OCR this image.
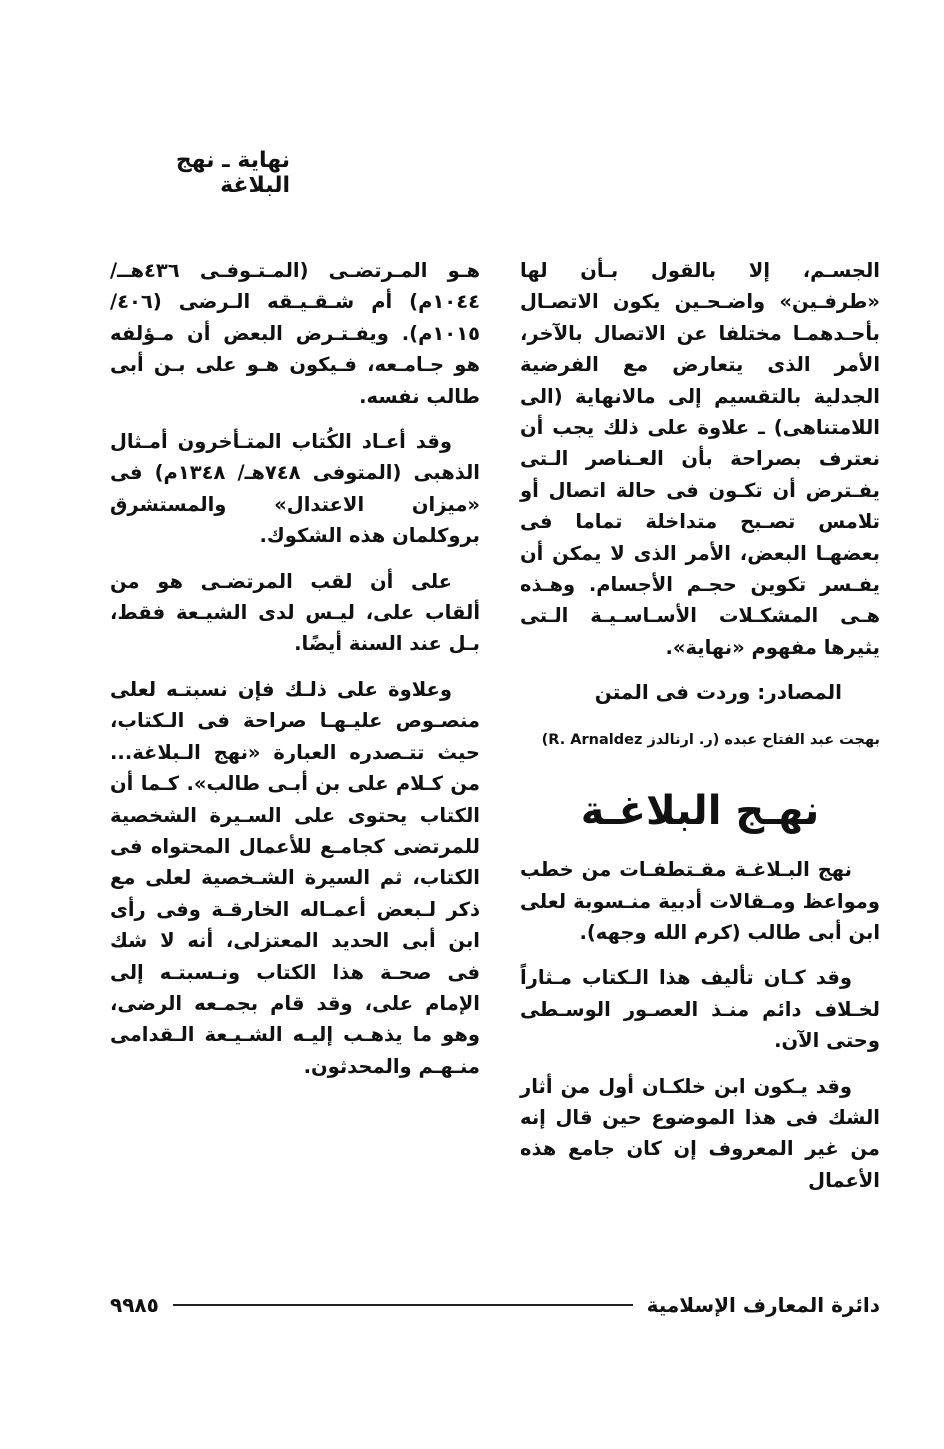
نهاية ـ نهج البلاغة

الجسـم، إلا بالقول بـأن لها «طرفـين» واضـحـين يكون الاتصـال بأحـدهمـا مختلفا عن الاتصال بالآخر، الأمر الذى يتعارض مع الفرضية الجدلية بالتقسيم إلى مالانهاية (الى اللامتناهى) ـ علاوة على ذلك يجب أن نعترف بصراحة بأن العـناصر الـتى يفـترض أن تكـون فى حالة اتصال أو تلامس تصـبح متداخلة تماما فى بعضهـا البعض، الأمر الذى لا يمكن أن يفـسر تكوين حجـم الأجسام. وهـذه هـى المشكـلات الأسـاسـيـة الـتى يثيرها مفهوم «نهاية».

المصادر: وردت فى المتن
بهجت عبد الفتاح عبده (ر. ارنالدز R. Arnaldez)
نهـج البلاغـة

نهج البـلاغـة مقـتطفـات من خطب ومواعظ ومـقالات أدبية منـسوبة لعلى ابن أبى طالب (كرم الله وجهه).

وقد كـان تأليف هذا الـكتاب مـثاراً لخـلاف دائم منـذ العصـور الوسـطى وحتى الآن.

وقد يـكون ابن خلكـان أول من أثار الشك فى هذا الموضوع حين قال إنه من غير المعروف إن كان جامع هذه الأعمال

هـو المـرتضـى (المـتـوفـى ٤٣٦هــ/ ١٠٤٤م) أم شـقـيـقه الـرضى (٤٠٦/ ١٠١٥م). ويفـتـرض البعض أن مـؤلفه هو جـامـعه، فـيكون هـو على بـن أبى طالب نفسه.

وقد أعـاد الكُتاب المتـأخرون أمـثال الذهبى (المتوفى ٧٤٨هـ/ ١٣٤٨م) فى «ميزان الاعتدال» والمستشرق بروكلمان هذه الشكوك.

على أن لقب المرتضـى هو من ألقاب على، ليـس لدى الشيـعة فقط، بـل عند السنة أيضًا.

وعلاوة على ذلـك فإن نسبتـه لعلى منصـوص عليـهـا صراحة فى الـكتاب، حيث تتـصدره العبارة «نهج الـبلاغة... من كـلام على بن أبـى طالب». كـما أن الكتاب يحتوى على السـيرة الشخصية للمرتضى كجامـع للأعمال المحتواه فى الكتاب، ثم السيرة الشـخصية لعلى مع ذكر لـبعض أعمـاله الخارقـة وفى رأى ابن أبى الحديد المعتزلى، أنه لا شك فى صحـة هذا الكتاب ونـسبتـه إلى الإمام على، وقد قام بجمـعه الرضى، وهو ما يذهـب إليـه الشـيـعة الـقدامى منـهـم والمحدثون.

دائرة المعارف الإسلامية
٩٩٨٥
